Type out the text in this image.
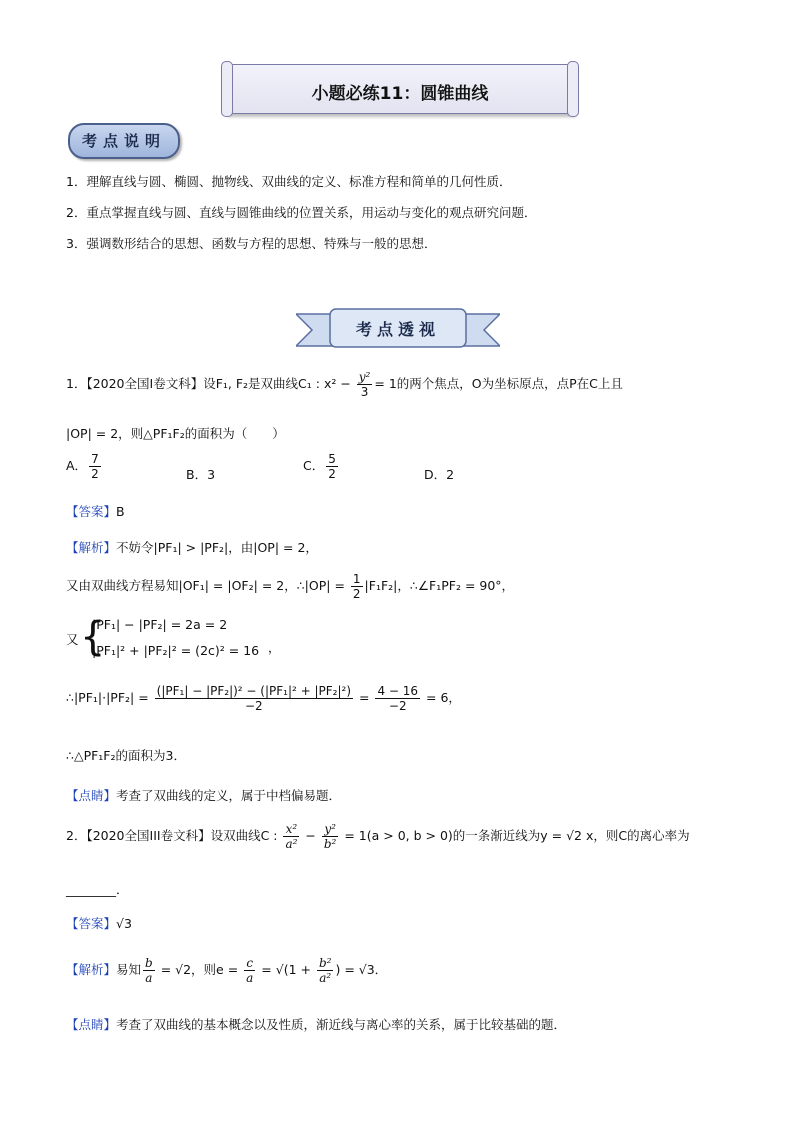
小题必练11：圆锥曲线
考点说明
1．理解直线与圆、椭圆、抛物线、双曲线的定义、标准方程和简单的几何性质．
2．重点掌握直线与圆、直线与圆锥曲线的位置关系，用运动与变化的观点研究问题．
3．强调数形结合的思想、函数与方程的思想、特殊与一般的思想．
考点透视
1．【2020全国Ⅰ卷文科】设F₁, F₂是双曲线C₁ : $x^2 - \frac{\text{y²}}{3} = 1$的两个焦点，O为坐标原点，点P在C上且
|OP| = 2，则△PF₁F₂的面积为（　　）
A． $\frac{7}{2}$	B．3
C． $\frac{5}{2}$	D．2
【答案】B
【解析】不妨令|PF₁| > |PF₂|，由|OP| = 2，
又由双曲线方程易知|OF₁| = |OF₂| = 2，∴|OP| = $\frac{1}{2} |F_1F_2|$，∴∠F₁PF₂ = 90°，
又 {
|PF₁| − |PF₂| = 2a = 2
|PF₁|² + |PF₂|² = (2c)² = 16 ，
∴|PF₁|·|PF₂| = $\frac{\text{(|PF₁| − |PF₂|)² − (|PF₁|² + |PF₂|²)}}{-2} = \frac{4 - 16}{-2} = 6$，
∴△PF₁F₂的面积为3．
【点睛】考查了双曲线的定义，属于中档偏易题．
2．【2020全国III卷文科】设双曲线C : $\frac{\text{x²}}{\text{a²}} - \frac{\text{y²}}{\text{b²}} = 1(a > 0$, b > 0)的一条渐近线为y = √2 x，则C的离心率为
________．
【答案】√3
【解析】易知 $\frac{b}{a} = √2$，则$e = \frac{c}{a} = √(1 + \frac{\text{b²}}{\text{a²}}$ ) = √3．
【点睛】考查了双曲线的基本概念以及性质，渐近线与离心率的关系，属于比较基础的题．
